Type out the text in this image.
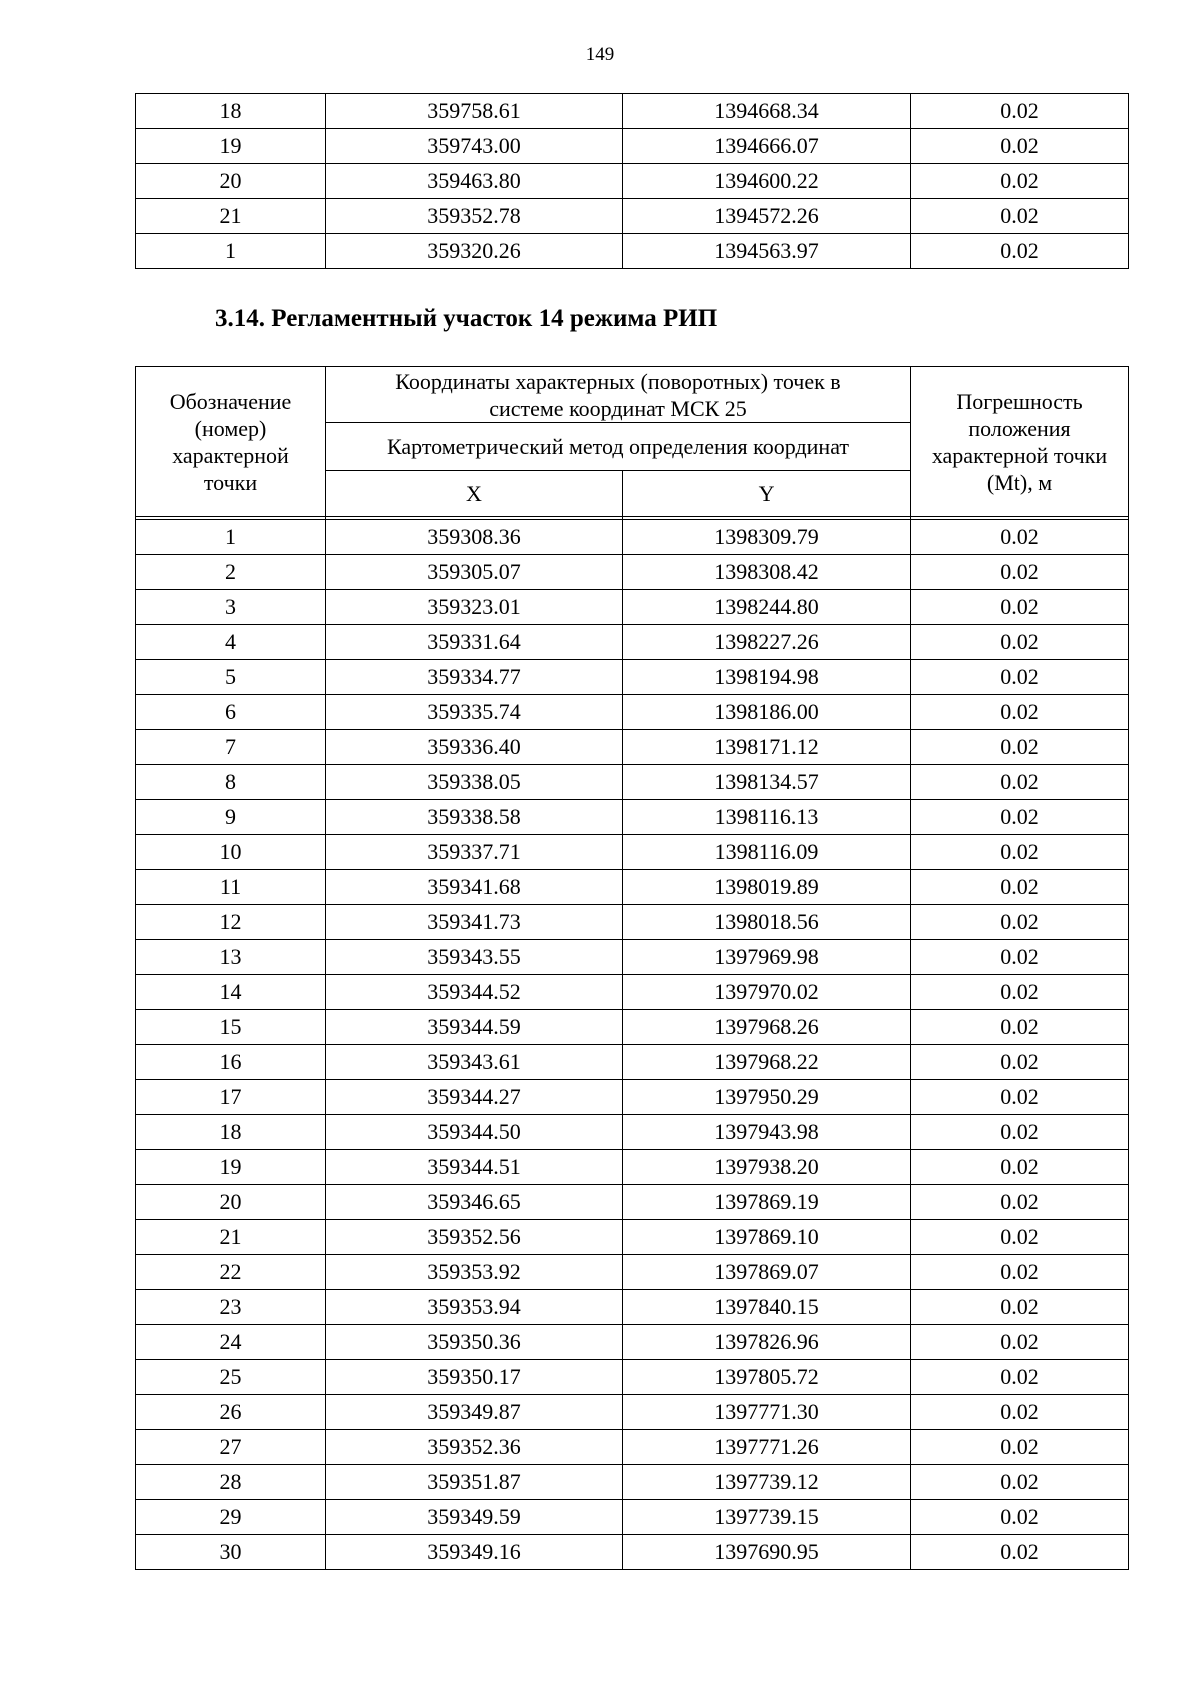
149
18	359758.61	1394668.34	0.02
19	359743.00	1394666.07	0.02
20	359463.80	1394600.22	0.02
21	359352.78	1394572.26	0.02
1	359320.26	1394563.97	0.02
3.14. Регламентный участок 14 режима РИП
Обозначение (номер) характерной точки	Координаты характерных (поворотных) точек в системе координат МСК 25		Погрешность положения характерной точки (Mt), м
	Картометрический метод определения координат		
	X	Y	

1	359308.36	1398309.79	0.02
2	359305.07	1398308.42	0.02
3	359323.01	1398244.80	0.02
4	359331.64	1398227.26	0.02
5	359334.77	1398194.98	0.02
6	359335.74	1398186.00	0.02
7	359336.40	1398171.12	0.02
8	359338.05	1398134.57	0.02
9	359338.58	1398116.13	0.02
10	359337.71	1398116.09	0.02
11	359341.68	1398019.89	0.02
12	359341.73	1398018.56	0.02
13	359343.55	1397969.98	0.02
14	359344.52	1397970.02	0.02
15	359344.59	1397968.26	0.02
16	359343.61	1397968.22	0.02
17	359344.27	1397950.29	0.02
18	359344.50	1397943.98	0.02
19	359344.51	1397938.20	0.02
20	359346.65	1397869.19	0.02
21	359352.56	1397869.10	0.02
22	359353.92	1397869.07	0.02
23	359353.94	1397840.15	0.02
24	359350.36	1397826.96	0.02
25	359350.17	1397805.72	0.02
26	359349.87	1397771.30	0.02
27	359352.36	1397771.26	0.02
28	359351.87	1397739.12	0.02
29	359349.59	1397739.15	0.02
30	359349.16	1397690.95	0.02
